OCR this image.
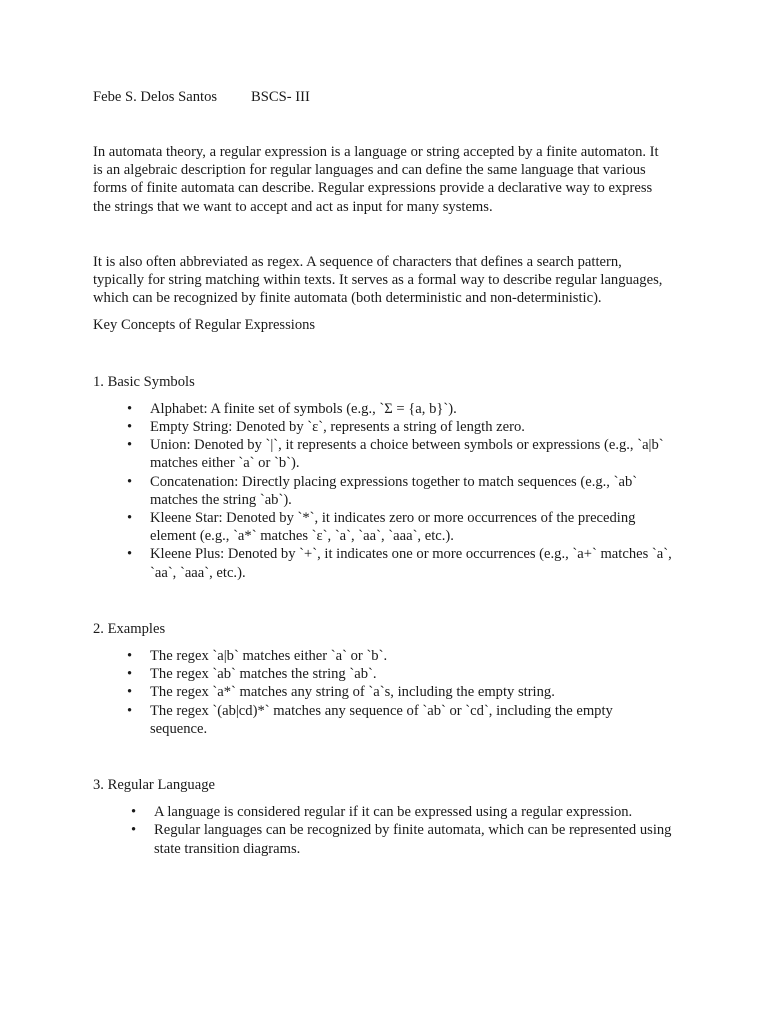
Febe S. Delos Santos BSCS- III

In automata theory, a regular expression is a language or string accepted by a finite automaton. It is an algebraic description for regular languages and can define the same language that various forms of finite automata can describe. Regular expressions provide a declarative way to express the strings that we want to accept and act as input for many systems.

It is also often abbreviated as regex. A sequence of characters that defines a search pattern, typically for string matching within texts. It serves as a formal way to describe regular languages, which can be recognized by finite automata (both deterministic and non-deterministic).

Key Concepts of Regular Expressions

1. Basic Symbols
• Alphabet: A finite set of symbols (e.g., `Σ = {a, b}`).
• Empty String: Denoted by `ε`, represents a string of length zero.
• Union: Denoted by `|`, it represents a choice between symbols or expressions (e.g., `a|b` matches either `a` or `b`).
• Concatenation: Directly placing expressions together to match sequences (e.g., `ab` matches the string `ab`).
• Kleene Star: Denoted by `*`, it indicates zero or more occurrences of the preceding element (e.g., `a*` matches `ε`, `a`, `aa`, `aaa`, etc.).
• Kleene Plus: Denoted by `+`, it indicates one or more occurrences (e.g., `a+` matches `a`, `aa`, `aaa`, etc.).
2. Examples
• The regex `a|b` matches either `a` or `b`.
• The regex `ab` matches the string `ab`.
• The regex `a*` matches any string of `a`s, including the empty string.
• The regex `(ab|cd)*` matches any sequence of `ab` or `cd`, including the empty sequence.
3. Regular Language
• A language is considered regular if it can be expressed using a regular expression.
• Regular languages can be recognized by finite automata, which can be represented using state transition diagrams.
